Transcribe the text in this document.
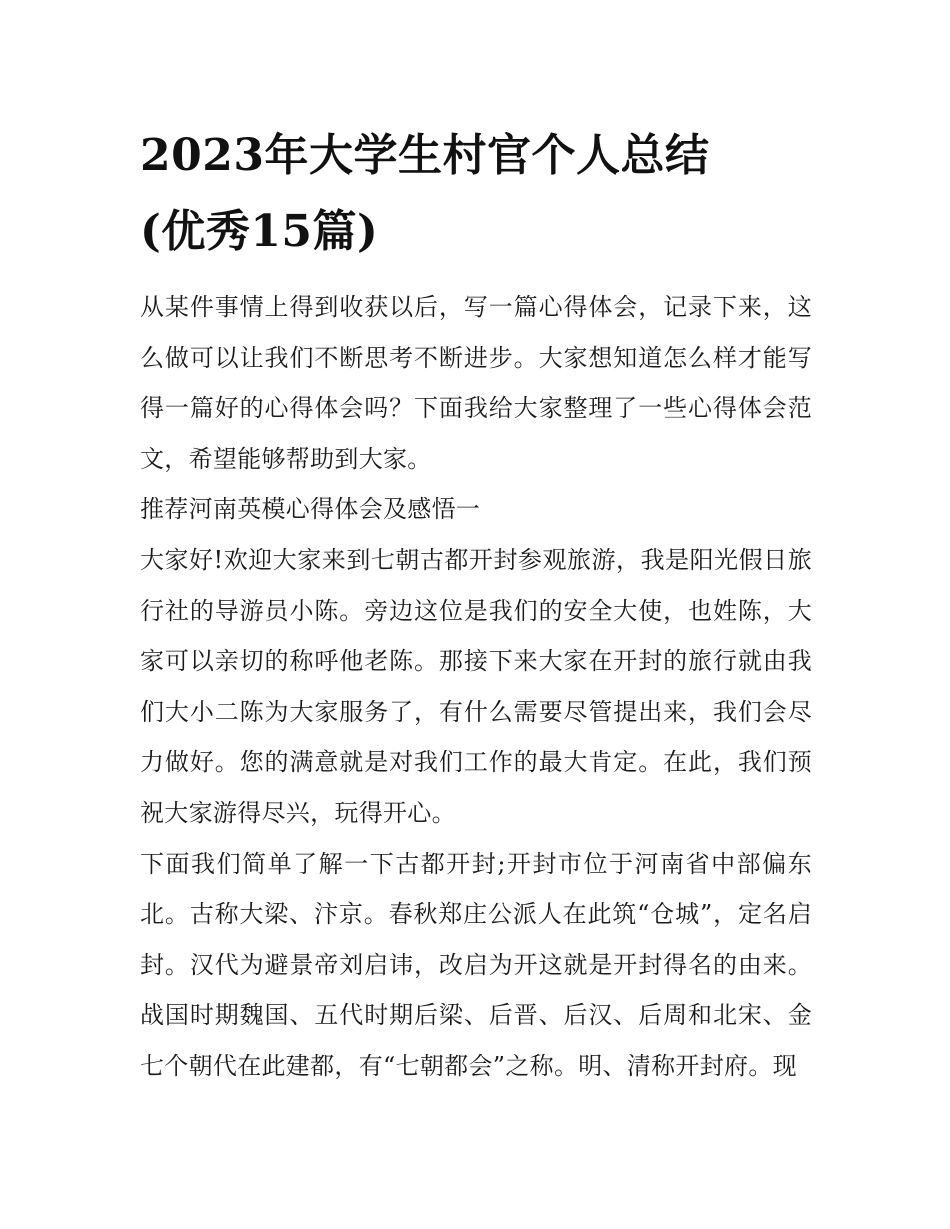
2023年大学生村官个人总结
(优秀15篇)

从某件事情上得到收获以后，写一篇心得体会，记录下来，这么做可以让我们不断思考不断进步。大家想知道怎么样才能写得一篇好的心得体会吗？下面我给大家整理了一些心得体会范文，希望能够帮助到大家。

推荐河南英模心得体会及感悟一

大家好!欢迎大家来到七朝古都开封参观旅游，我是阳光假日旅行社的导游员小陈。旁边这位是我们的安全大使，也姓陈，大家可以亲切的称呼他老陈。那接下来大家在开封的旅行就由我们大小二陈为大家服务了，有什么需要尽管提出来，我们会尽力做好。您的满意就是对我们工作的最大肯定。在此，我们预祝大家游得尽兴，玩得开心。

下面我们简单了解一下古都开封;开封市位于河南省中部偏东北。古称大梁、汴京。春秋郑庄公派人在此筑“仓城”，定名启封。汉代为避景帝刘启讳，改启为开这就是开封得名的由来。战国时期魏国、五代时期后梁、后晋、后汉、后周和北宋、金七个朝代在此建都，有“七朝都会”之称。明、清称开封府。现
